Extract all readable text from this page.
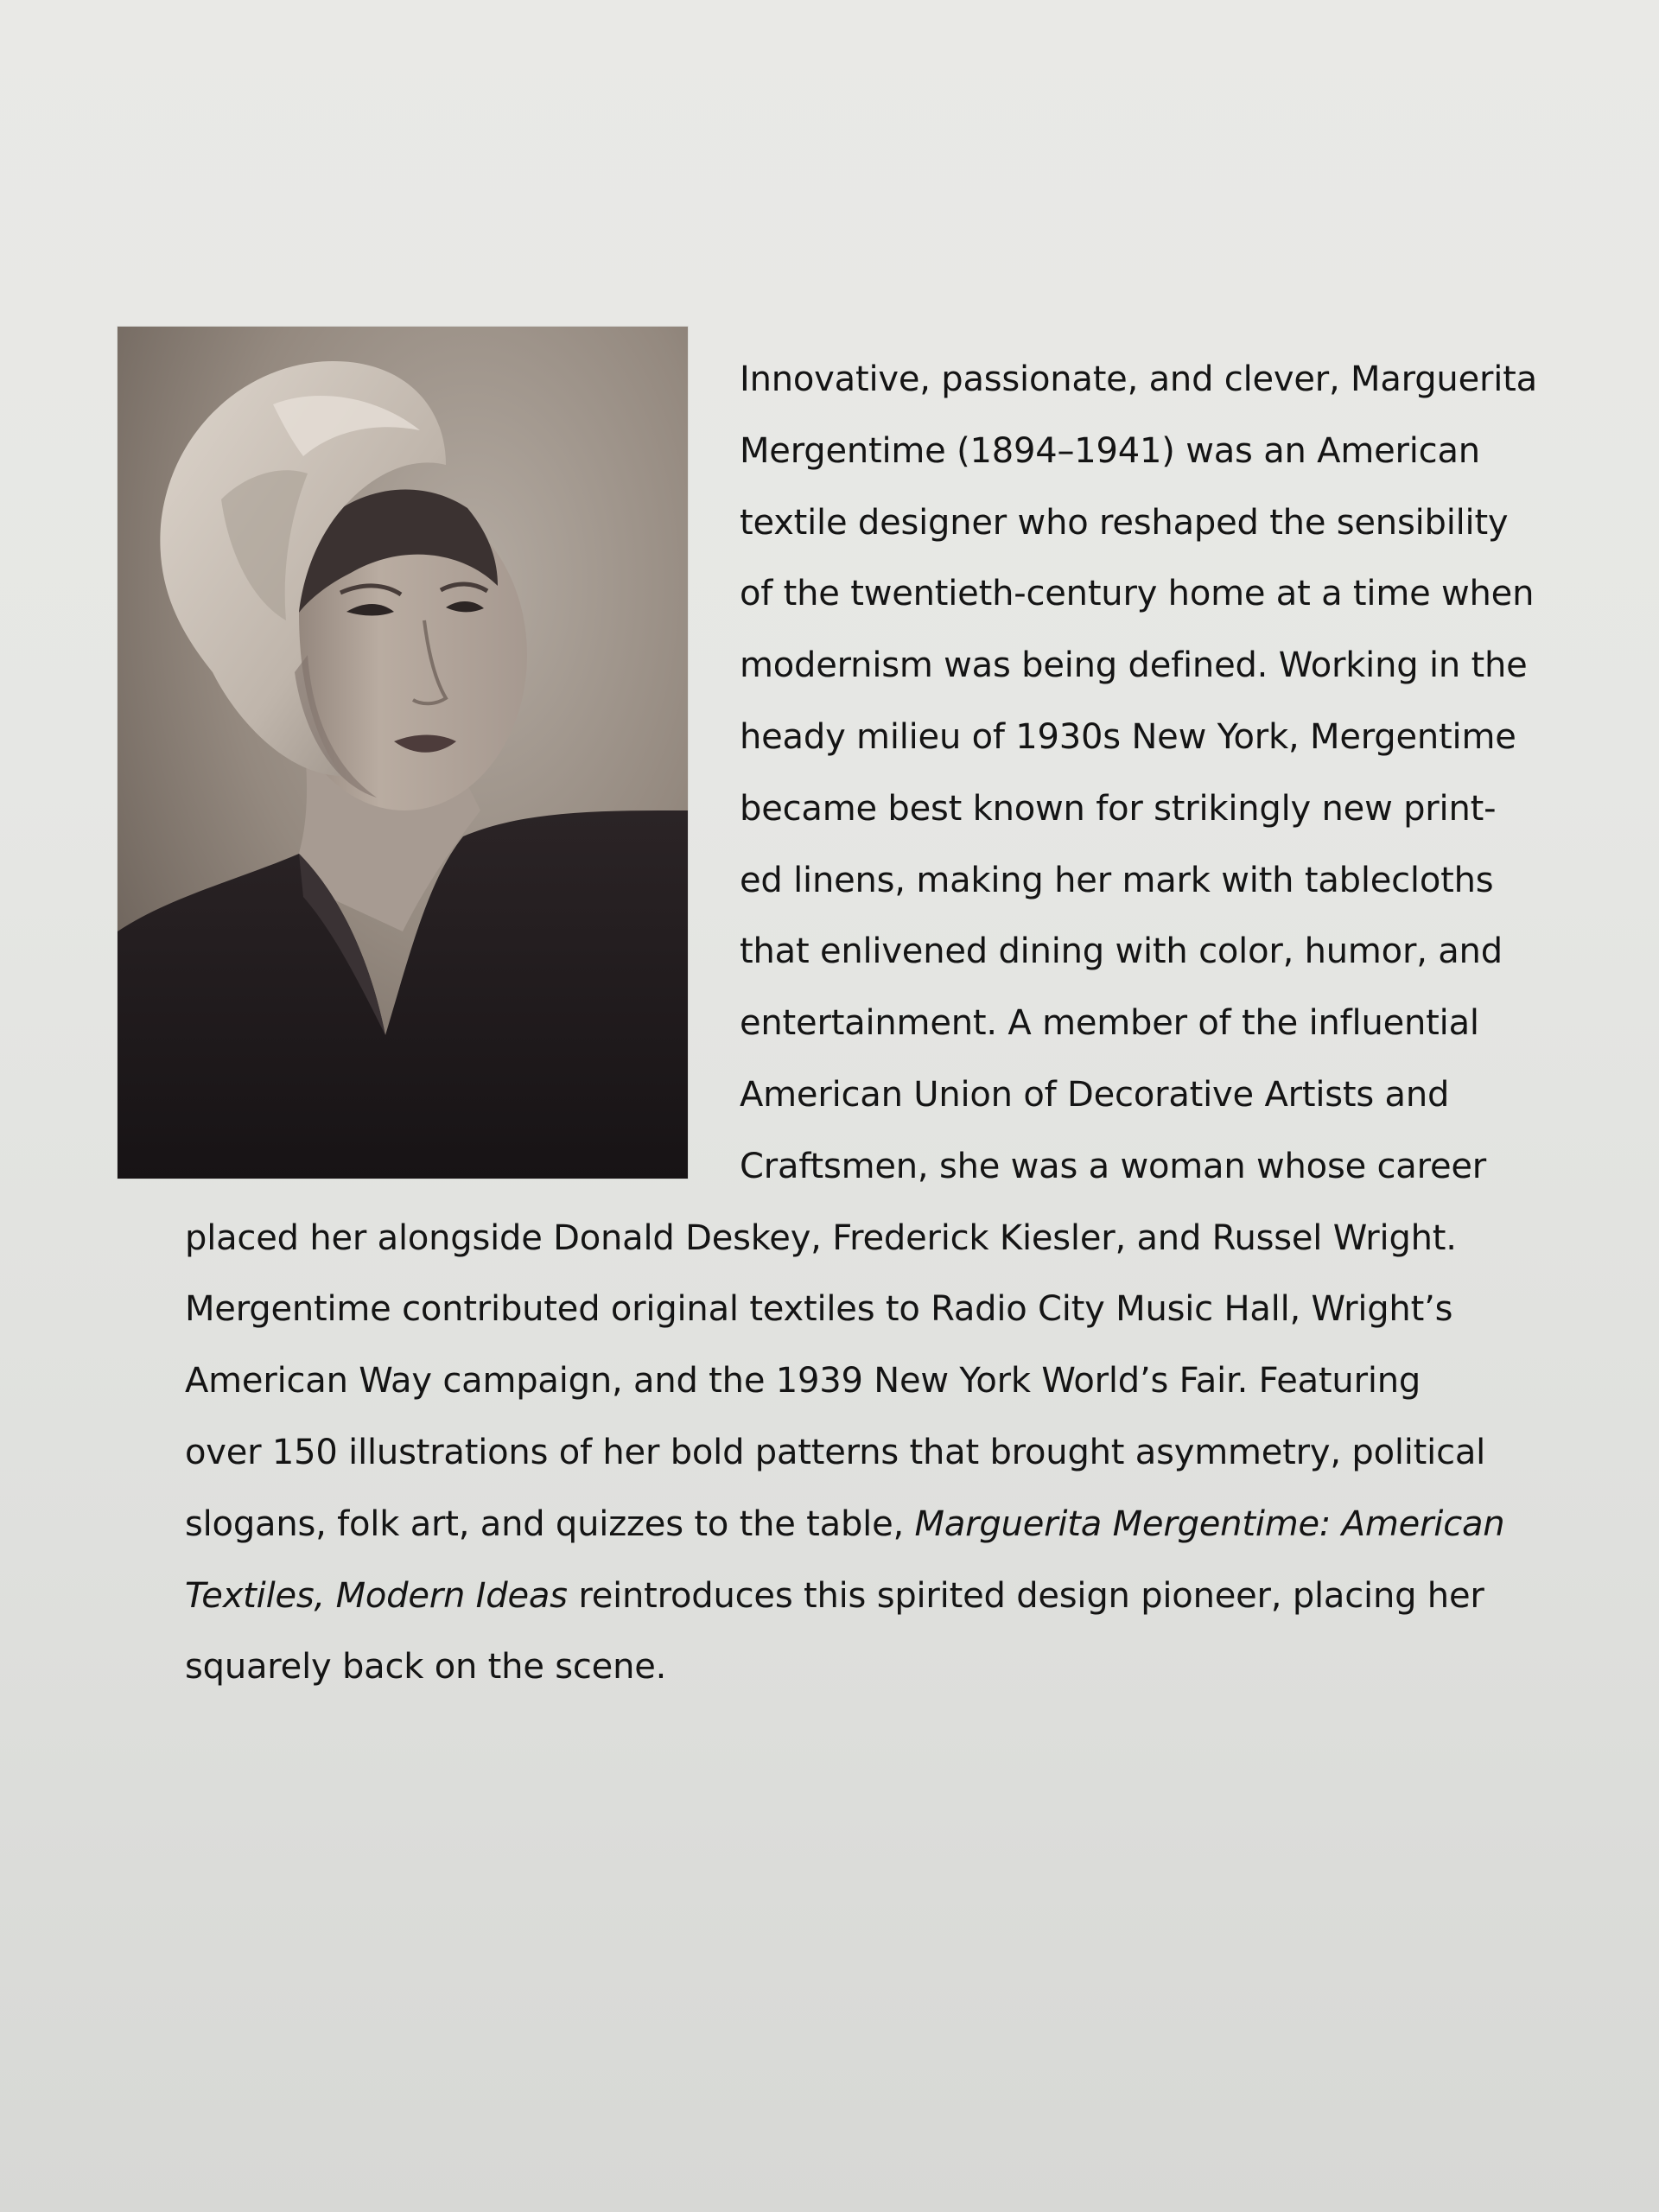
Innovative, passionate, and clever, Marguerita
Mergentime (1894–1941) was an American
textile designer who reshaped the sensibility
of the twentieth-century home at a time when
modernism was being defined. Working in the
heady milieu of 1930s New York, Mergentime
became best known for strikingly new print-
ed linens, making her mark with tablecloths
that enlivened dining with color, humor, and
entertainment. A member of the influential
American Union of Decorative Artists and
Craftsmen, she was a woman whose career
placed her alongside Donald Deskey, Frederick Kiesler, and Russel Wright.
Mergentime contributed original textiles to Radio City Music Hall, Wright’s
American Way campaign, and the 1939 New York World’s Fair. Featuring
over 150 illustrations of her bold patterns that brought asymmetry, political
slogans, folk art, and quizzes to the table, Marguerita Mergentime: American
Textiles, Modern Ideas reintroduces this spirited design pioneer, placing her
squarely back on the scene.
